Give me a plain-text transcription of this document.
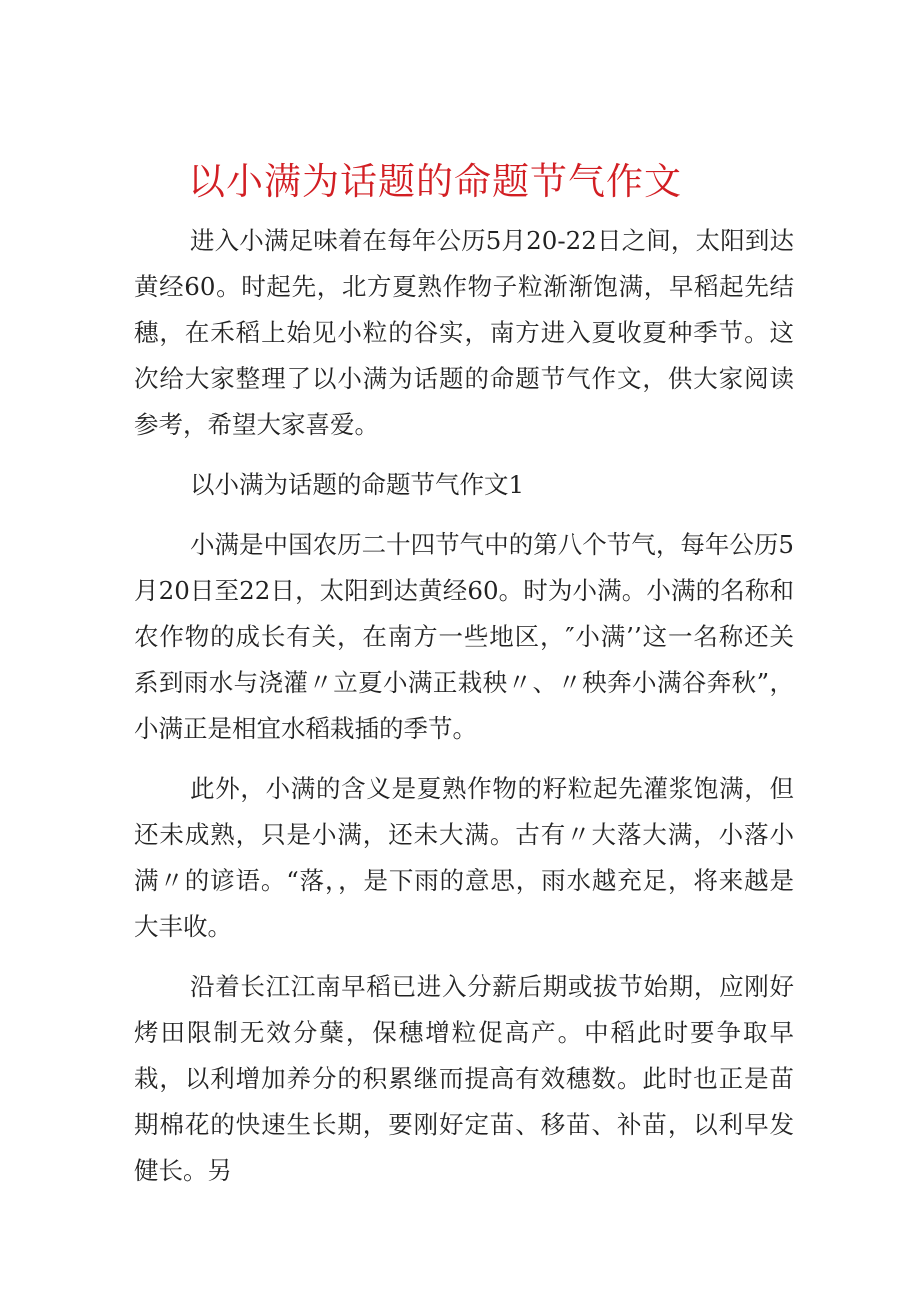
以小满为话题的命题节气作文

进入小满足味着在每年公历5月20-22日之间，太阳到达黄经60。时起先，北方夏熟作物子粒渐渐饱满，早稻起先结穗，在禾稻上始见小粒的谷实，南方进入夏收夏种季节。这次给大家整理了以小满为话题的命题节气作文，供大家阅读参考，希望大家喜爱。

以小满为话题的命题节气作文1

小满是中国农历二十四节气中的第八个节气，每年公历5月20日至22日，太阳到达黄经60。时为小满。小满的名称和农作物的成长有关，在南方一些地区，″小满’’这一名称还关系到雨水与浇灌〃立夏小满正栽秧〃、〃秧奔小满谷奔秋”，小满正是相宜水稻栽插的季节。

此外，小满的含义是夏熟作物的籽粒起先灌浆饱满，但还未成熟，只是小满，还未大满。古有〃大落大满，小落小满〃的谚语。“落，，是下雨的意思，雨水越充足，将来越是大丰收。

沿着长江江南早稻已进入分薪后期或拔节始期，应刚好烤田限制无效分蘖，保穗增粒促高产。中稻此时要争取早栽，以利增加养分的积累继而提高有效穗数。此时也正是苗期棉花的快速生长期，要刚好定苗、移苗、补苗，以利早发健长。另
